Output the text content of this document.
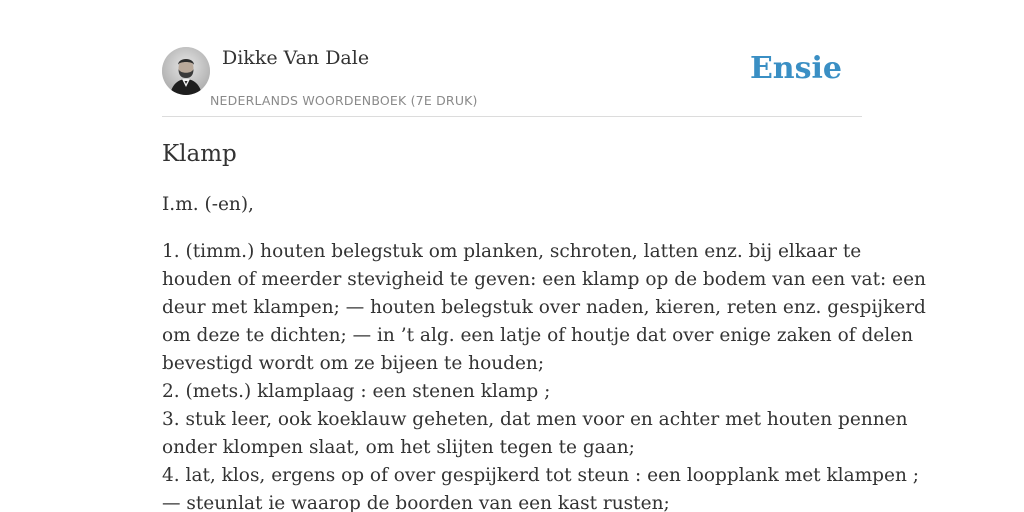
Dikke Van Dale
NEDERLANDS WOORDENBOEK (7E DRUK)
Ensie
Klamp

I.m. (-en),

1. (timm.) houten belegstuk om planken, schroten, latten enz. bij elkaar te
houden of meerder stevigheid te geven: een klamp op de bodem van een vat: een
deur met klampen; — houten belegstuk over naden, kieren, reten enz. gespijkerd
om deze te dichten; — in ’t alg. een latje of houtje dat over enige zaken of delen
bevestigd wordt om ze bijeen te houden;
2. (mets.) klamplaag : een stenen klamp ;
3. stuk leer, ook koeklauw geheten, dat men voor en achter met houten pennen
onder klompen slaat, om het slijten tegen te gaan;
4. lat, klos, ergens op of over gespijkerd tot steun : een loopplank met klampen ;
— steunlat ie waarop de boorden van een kast rusten;
